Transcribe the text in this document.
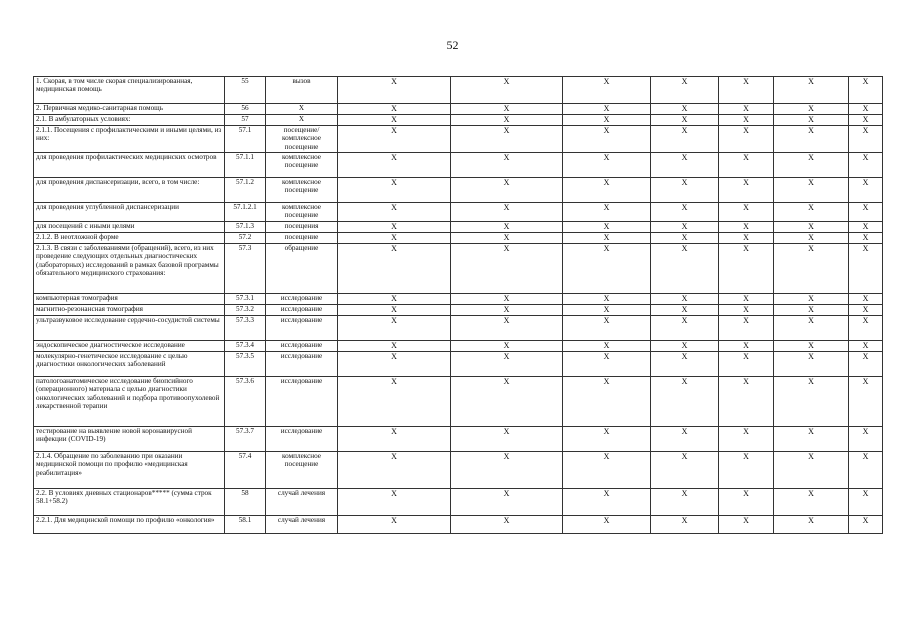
52
1. Скорая, в том числе скорая специализированная, медицинская помощь	55	вызов	X	X	X	X	X	X	X
2. Первичная медико-санитарная помощь	56	X	X	X	X	X	X	X	X
2.1. В амбулаторных условиях:	57	X	X	X	X	X	X	X	X
2.1.1. Посещения с профилактическими и иными целями, из них:	57.1	посещение/ комплексное посещение	X	X	X	X	X	X	X
для проведения профилактических медицинских осмотров	57.1.1	комплексное посещение	X	X	X	X	X	X	X
для проведения диспансеризации, всего, в том числе:	57.1.2	комплексное посещение	X	X	X	X	X	X	X
для проведения углубленной диспансеризации	57.1.2.1	комплексное посещение	X	X	X	X	X	X	X
для посещений с иными целями	57.1.3	посещения	X	X	X	X	X	X	X
2.1.2. В неотложной форме	57.2	посещение	X	X	X	X	X	X	X
2.1.3. В связи с заболеваниями (обращений), всего, из них проведение следующих отдельных диагностических (лабораторных) исследований в рамках базовой программы обязательного медицинского страхования:	57.3	обращение	X	X	X	X	X	X	X
компьютерная томография	57.3.1	исследование	X	X	X	X	X	X	X
магнитно-резонансная томография	57.3.2	исследование	X	X	X	X	X	X	X
ультразвуковое исследование сердечно-сосудистой системы	57.3.3	исследование	X	X	X	X	X	X	X
эндоскопическое диагностическое исследование	57.3.4	исследование	X	X	X	X	X	X	X
молекулярно-генетическое исследование с целью диагностики онкологических заболеваний	57.3.5	исследование	X	X	X	X	X	X	X
патологоанатомическое исследование биопсийного (операционного) материала с целью диагностики онкологических заболеваний и подбора противоопухолевой лекарственной терапии	57.3.6	исследование	X	X	X	X	X	X	X
тестирование на выявление новой коронавирусной инфекции (COVID-19)	57.3.7	исследование	X	X	X	X	X	X	X
2.1.4. Обращение по заболеванию при оказании медицинской помощи по профилю «медицинская реабилитация»	57.4	комплексное посещение	X	X	X	X	X	X	X
2.2. В условиях дневных стационаров***** (сумма строк 58.1+58.2)	58	случай лечения	X	X	X	X	X	X	X
2.2.1. Для медицинской помощи по профилю «онкология»	58.1	случай лечения	X	X	X	X	X	X	X
